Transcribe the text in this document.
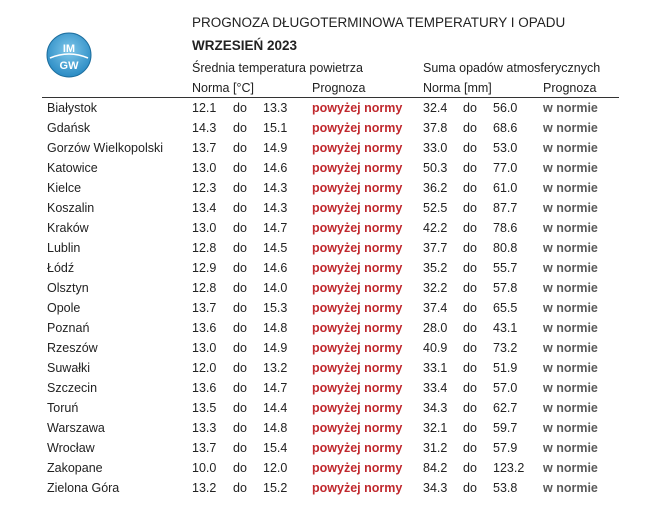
IM
GW
PROGNOZA DŁUGOTERMINOWA TEMPERATURY I OPADU
WRZESIEŃ 2023
Średnia temperatura powietrza	Suma opadów atmosferycznych
Norma [°C]	Prognoza	Norma [mm]	Prognoza
Białystok	12.1 do 13.3 powyżej normy 32.4 do 56.0 w normie
Gdańsk	14.3 do 15.1 powyżej normy 37.8 do 68.6 w normie
Gorzów Wielkopolski 13.7 do 14.9 powyżej normy 33.0 do 53.0 w normie
Katowice	13.0 do 14.6 powyżej normy 50.3 do 77.0 w normie
Kielce	12.3 do 14.3 powyżej normy 36.2 do 61.0 w normie
Koszalin	13.4 do 14.3 powyżej normy 52.5 do 87.7 w normie
Kraków	13.0 do 14.7 powyżej normy 42.2 do 78.6 w normie
Lublin	12.8 do 14.5 powyżej normy 37.7 do 80.8 w normie
Łódź	12.9 do 14.6 powyżej normy 35.2 do 55.7 w normie
Olsztyn	12.8 do 14.0 powyżej normy 32.2 do 57.8 w normie
Opole	13.7 do 15.3 powyżej normy 37.4 do 65.5 w normie
Poznań	13.6 do 14.8 powyżej normy 28.0 do 43.1 w normie
Rzeszów	13.0 do 14.9 powyżej normy 40.9 do 73.2 w normie
Suwałki	12.0 do 13.2 powyżej normy 33.1 do 51.9 w normie
Szczecin	13.6 do 14.7 powyżej normy 33.4 do 57.0 w normie
Toruń	13.5 do 14.4 powyżej normy 34.3 do 62.7 w normie
Warszawa	13.3 do 14.8 powyżej normy 32.1 do 59.7 w normie
Wrocław	13.7 do 15.4 powyżej normy 31.2 do 57.9 w normie
Zakopane	10.0 do 12.0 powyżej normy 84.2 do 123.2 w normie
Zielona Góra	13.2 do 15.2 powyżej normy 34.3 do 53.8 w normie
